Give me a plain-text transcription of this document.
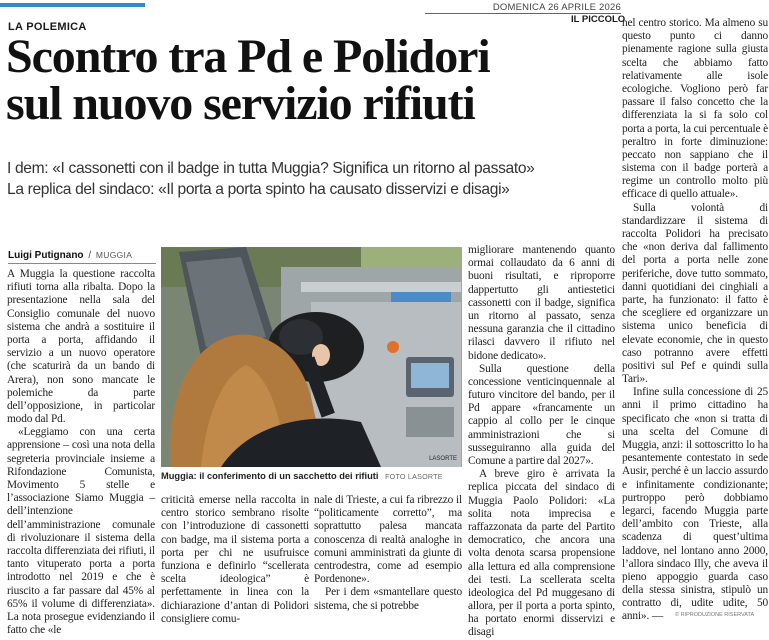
DOMENICA 26 APRILE 2026
IL PICCOLO
LA POLEMICA
Scontro tra Pd e Polidori
sul nuovo servizio rifiuti
I dem: «I cassonetti con il badge in tutta Muggia? Significa un ritorno al passato»
La replica del sindaco: «Il porta a porta spinto ha causato disservizi e disagi»
Luigi Putignano / MUGGIA

A Muggia la questione raccolta rifiuti torna alla ribalta. Dopo la presentazione nella sala del Consiglio comunale del nuovo sistema che andrà a sostituire il porta a porta, affidando il servizio a un nuovo operatore (che scaturirà da un bando di Arera), non sono mancate le polemiche da parte dell’opposizione, in particolar modo dal Pd.

«Leggiamo con una certa apprensione – così una nota della segreteria provinciale insieme a Rifondazione Comunista, Movimento 5 stelle e l’associazione Siamo Muggia – dell’intenzione dell’amministrazione comunale di rivoluzionare il sistema della raccolta differenziata dei rifiuti, il tanto vituperato porta a porta introdotto nel 2019 e che è riuscito a far passare dal 45% al 65% il volume di differenziata». La nota prosegue evidenziando il fatto che «le

LASORTE
Muggia: il conferimento di un sacchetto dei rifiuti FOTO LASORTE

criticità emerse nella raccolta in centro storico sembrano risolte con l’introduzione di cassonetti con badge, ma il sistema porta a porta per chi ne usufruisce funziona e definirlo “scellerata scelta ideologica” è perfettamente in linea con la dichiarazione d’antan di Polidori consigliere comu-

nale di Trieste, a cui fa ribrezzo il “politicamente corretto”, ma soprattutto palesa mancata conoscenza di realtà analoghe in comuni amministrati da giunte di centrodestra, come ad esempio Pordenone».

Per i dem «smantellare questo sistema, che si potrebbe

migliorare mantenendo quanto ormai collaudato da 6 anni di buoni risultati, e riproporre dappertutto gli antiestetici cassonetti con il badge, significa un ritorno al passato, senza nessuna garanzia che il cittadino rilasci davvero il rifiuto nel bidone dedicato».

Sulla questione della concessione venticinquennale al futuro vincitore del bando, per il Pd appare «francamente un cappio al collo per le cinque amministrazioni che si susseguiranno alla guida del Comune a partire dal 2027».

A breve giro è arrivata la replica piccata del sindaco di Muggia Paolo Polidori: «La solita nota imprecisa e raffazzonata da parte del Partito democratico, che ancora una volta denota scarsa propensione alla lettura ed alla comprensione dei testi. La scellerata scelta ideologica del Pd muggesano di allora, per il porta a porta spinto, ha portato enormi disservizi e disagi

nel centro storico. Ma almeno su questo punto ci danno pienamente ragione sulla giusta scelta che abbiamo fatto relativamente alle isole ecologiche. Vogliono però far passare il falso concetto che la differenziata la si fa solo col porta a porta, la cui percentuale è peraltro in forte diminuzione: peccato non sappiano che il sistema con il badge porterà a regime un controllo molto più efficace di quello attuale».

Sulla volontà di standardizzare il sistema di raccolta Polidori ha precisato che «non deriva dal fallimento del porta a porta nelle zone periferiche, dove tutto sommato, danni quotidiani dei cinghiali a parte, ha funzionato: il fatto è che scegliere ed organizzare un sistema unico beneficia di elevate economie, che in questo caso potranno avere effetti positivi sul Pef e quindi sulla Tari».

Infine sulla concessione di 25 anni il primo cittadino ha specificato che «non si tratta di una scelta del Comune di Muggia, anzi: il sottoscritto lo ha pesantemente contestato in sede Ausir, perché è un laccio assurdo e infinitamente condizionante; purtroppo però dobbiamo legarci, facendo Muggia parte dell’ambito con Trieste, alla scadenza di quest’ultima laddove, nel lontano anno 2000, l’allora sindaco Illy, che aveva il pieno appoggio guarda caso della stessa sinistra, stipulò un contratto di, udite udite, 50 anni». —	© RIPRODUZIONE RISERVATA
